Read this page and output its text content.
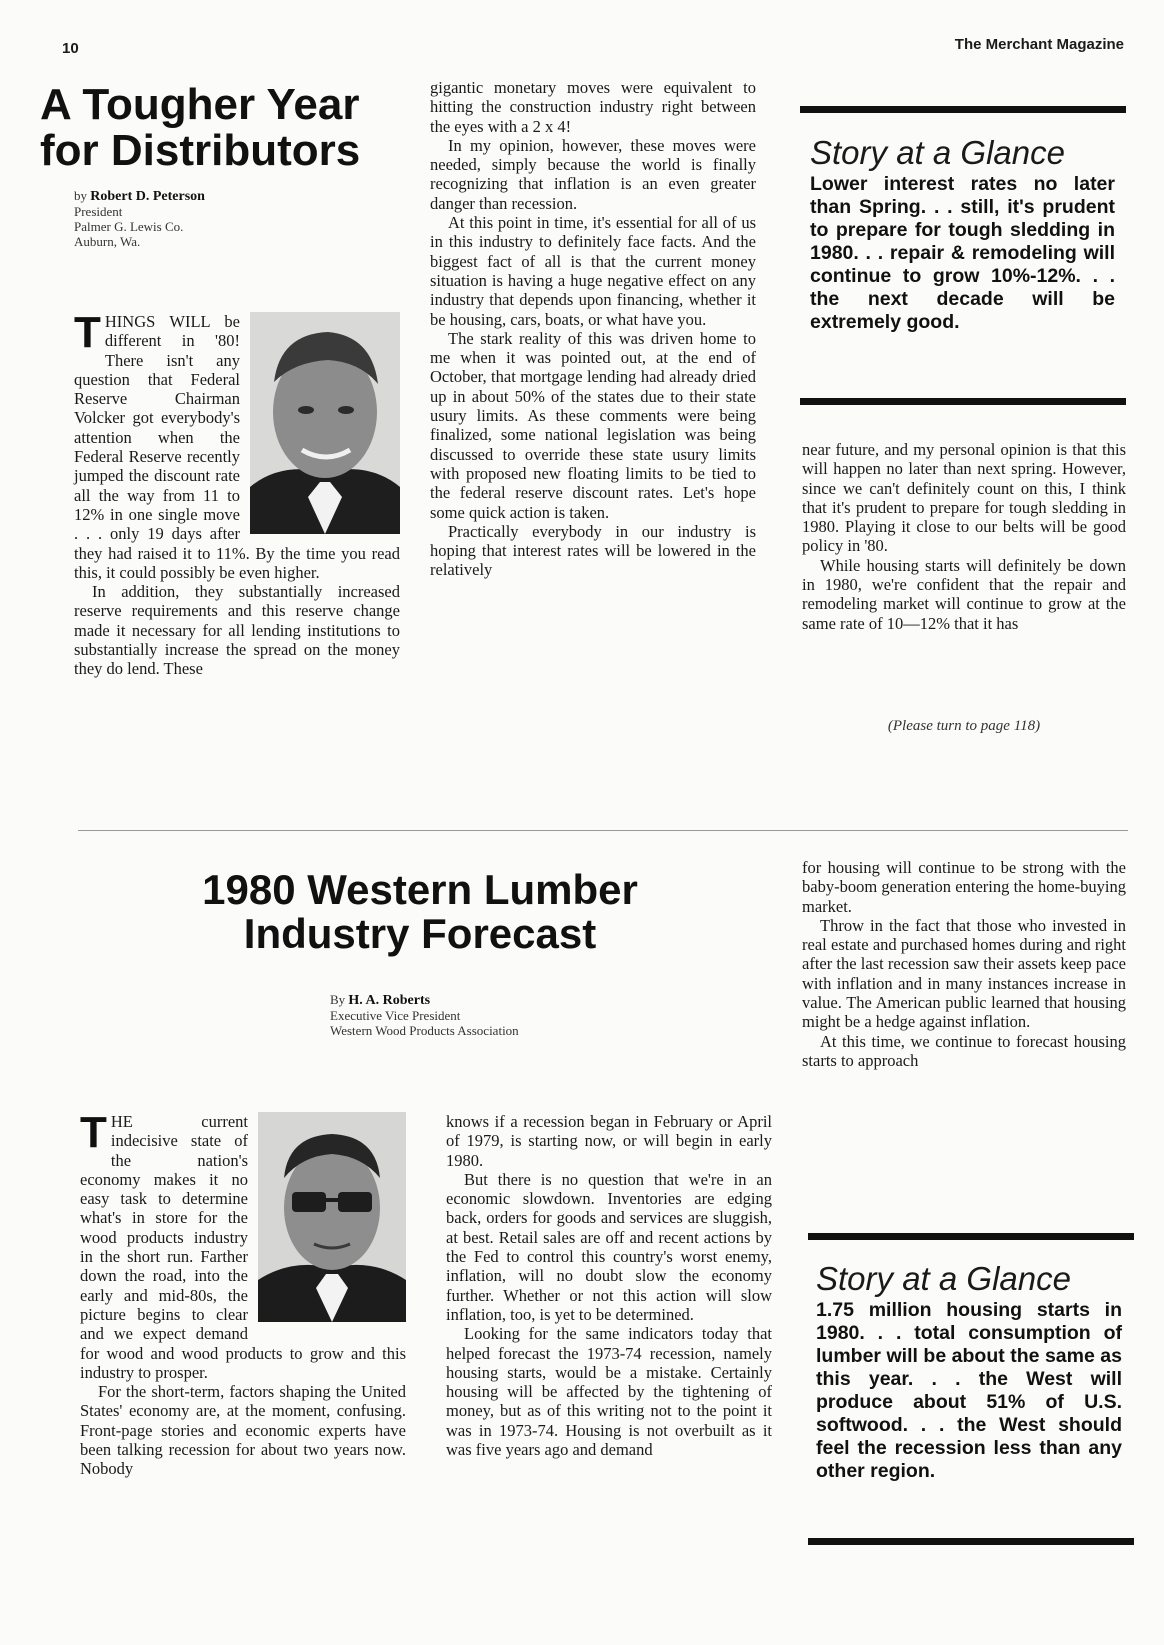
10	The Merchant Magazine
A Tougher Year for Distributors
by Robert D. Peterson
President
Palmer G. Lewis Co.
Auburn, Wa.
T HINGS WILL be different in '80! There isn't any question that Federal Reserve Chairman Volcker got everybody's attention when the Federal Reserve recently jumped the discount rate all the way from 11 to 12% in one single move . . . only 19 days after they had raised it to 11%. By the time you read this, it could possibly be even higher.

In addition, they substantially increased reserve requirements and this reserve change made it necessary for all lending institutions to substantially increase the spread on the money they do lend. These

gigantic monetary moves were equivalent to hitting the construction industry right between the eyes with a 2 x 4!

In my opinion, however, these moves were needed, simply because the world is finally recognizing that inflation is an even greater danger than recession.

At this point in time, it's essential for all of us in this industry to definitely face facts. And the biggest fact of all is that the current money situation is having a huge negative effect on any industry that depends upon financing, whether it be housing, cars, boats, or what have you.

The stark reality of this was driven home to me when it was pointed out, at the end of October, that mortgage lending had already dried up in about 50% of the states due to their state usury limits. As these comments were being finalized, some national legislation was being discussed to override these state usury limits with proposed new floating limits to be tied to the federal reserve discount rates. Let's hope some quick action is taken.

Practically everybody in our industry is hoping that interest rates will be lowered in the relatively

Story at a Glance
Lower interest rates no later than Spring. . . still, it's prudent to prepare for tough sledding in 1980. . . repair & remodeling will continue to grow 10%-12%. . . the next decade will be extremely good.

near future, and my personal opinion is that this will happen no later than next spring. However, since we can't definitely count on this, I think that it's prudent to prepare for tough sledding in 1980. Playing it close to our belts will be good policy in '80.

While housing starts will definitely be down in 1980, we're confident that the repair and remodeling market will continue to grow at the same rate of 10—12% that it has

(Please turn to page 118)
1980 Western Lumber
Industry Forecast
By H. A. Roberts
Executive Vice President
Western Wood Products Association
T HE current indecisive state of the nation's economy makes it no easy task to determine what's in store for the wood products industry in the short run. Farther down the road, into the early and mid-80s, the picture begins to clear and we expect demand for wood and wood products to grow and this industry to prosper.

For the short-term, factors shaping the United States' economy are, at the moment, confusing. Front-page stories and economic experts have been talking recession for about two years now. Nobody

knows if a recession began in February or April of 1979, is starting now, or will begin in early 1980.

But there is no question that we're in an economic slowdown. Inventories are edging back, orders for goods and services are sluggish, at best. Retail sales are off and recent actions by the Fed to control this country's worst enemy, inflation, will no doubt slow the economy further. Whether or not this action will slow inflation, too, is yet to be determined.

Looking for the same indicators today that helped forecast the 1973-74 recession, namely housing starts, would be a mistake. Certainly housing will be affected by the tightening of money, but as of this writing not to the point it was in 1973-74. Housing is not overbuilt as it was five years ago and demand

for housing will continue to be strong with the baby-boom generation entering the home-buying market.

Throw in the fact that those who invested in real estate and purchased homes during and right after the last recession saw their assets keep pace with inflation and in many instances increase in value. The American public learned that housing might be a hedge against inflation.

At this time, we continue to forecast housing starts to approach

Story at a Glance
1.75 million housing starts in 1980. . . total consumption of lumber will be about the same as this year. . . the West will produce about 51% of U.S. softwood. . . the West should feel the recession less than any other region.
